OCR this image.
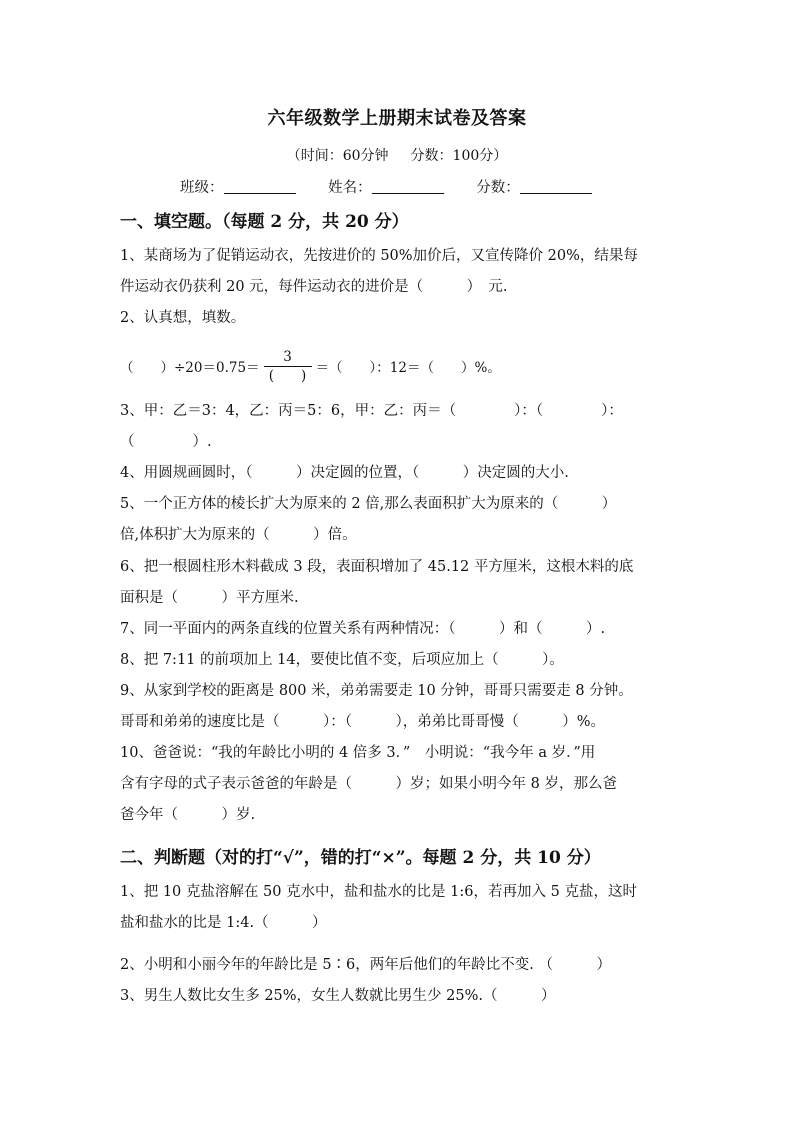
六年级数学上册期末试卷及答案
（时间：60分钟 分数：100分）
班级：	姓名：	分数：
一、填空题。（每题 2 分，共 20 分）
1、某商场为了促销运动衣，先按进价的 50%加价后，又宣传降价 20%，结果每
件运动衣仍获利 20 元，每件运动衣的进价是（　　　）　元.
2、认真想，填数。
（　　）$\div 20=0.75= \frac{3}{( )}$ ＝（　　）：12＝（　　）%。
3、甲：乙＝3：4，乙：丙＝5：6，甲：乙：丙＝（　　　　）：（　　　　）：
（　　　　）.
4、用圆规画圆时，（　　　）决定圆的位置，（　　　）决定圆的大小.
5、一个正方体的棱长扩大为原来的 2 倍,那么表面积扩大为原来的（　　　）
倍,体积扩大为原来的（　　　）倍。
6、把一根圆柱形木料截成 3 段，表面积增加了 45.12 平方厘米，这根木料的底
面积是（　　　）平方厘米.
7、同一平面内的两条直线的位置关系有两种情况：（　　　）和（　　　）.
8、把 7:11 的前项加上 14，要使比值不变，后项应加上（　　　）。
9、从家到学校的距离是 800 米，弟弟需要走 10 分钟，哥哥只需要走 8 分钟。
哥哥和弟弟的速度比是（　　　）：（　　　），弟弟比哥哥慢（　　　）%。
10、爸爸说：“我的年龄比小明的 4 倍多 3．”　小明说：“我今年 a 岁．”用
含有字母的式子表示爸爸的年龄是（　　　）岁；如果小明今年 8 岁，那么爸
爸今年（　　　）岁.
二、判断题（对的打“√”，错的打“×”。每题 2 分，共 10 分）
1、把 10 克盐溶解在 50 克水中，盐和盐水的比是 1:6，若再加入 5 克盐，这时
盐和盐水的比是 1:4.（　　　）
2、小明和小丽今年的年龄比是 5∶6，两年后他们的年龄比不变. （　　　）
3、男生人数比女生多 25%，女生人数就比男生少 25%.（　　　）
